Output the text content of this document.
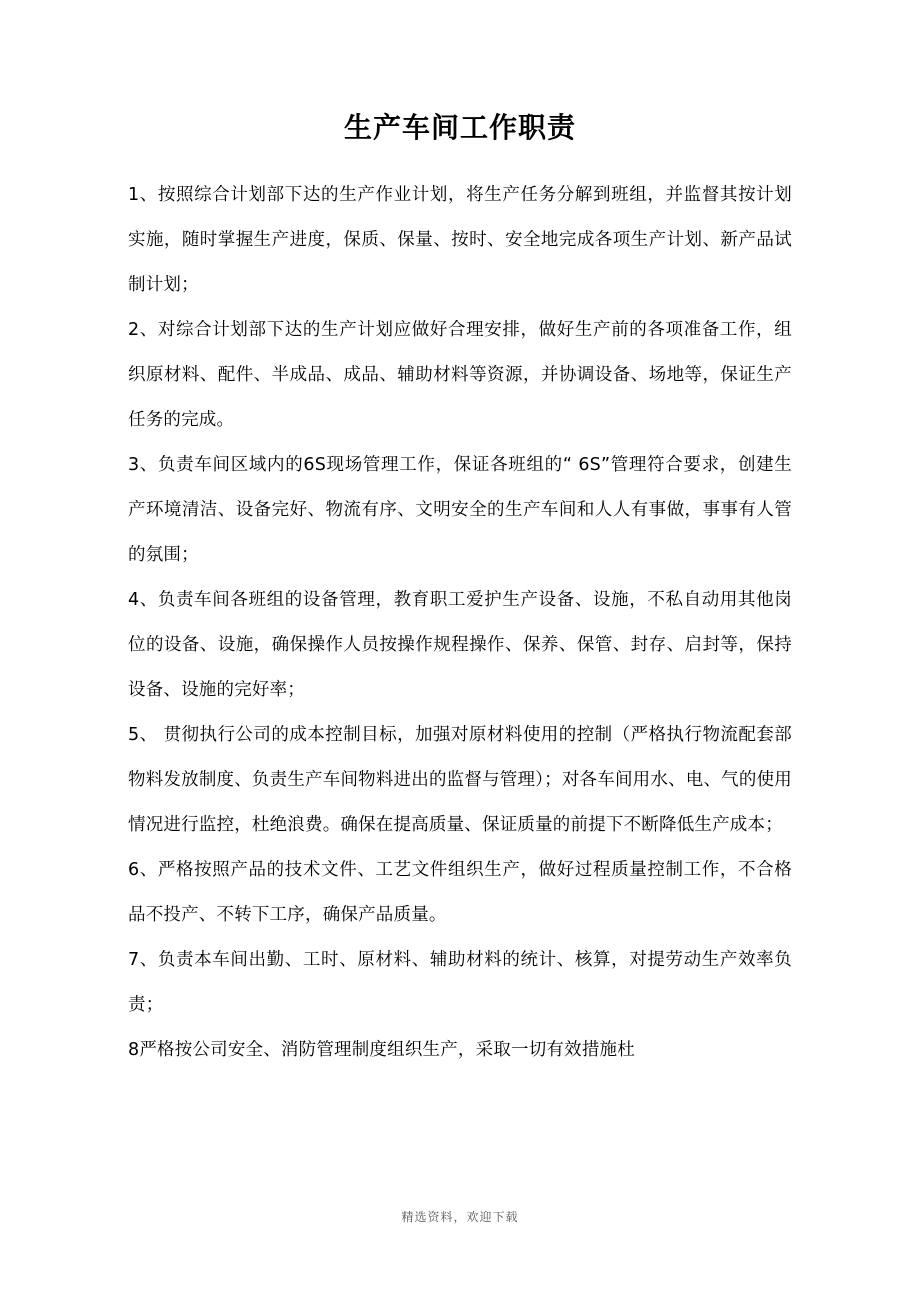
生产车间工作职责

1、按照综合计划部下达的生产作业计划，将生产任务分解到班组，并监督其按计划实施，随时掌握生产进度，保质、保量、按时、安全地完成各项生产计划、新产品试制计划；

2、对综合计划部下达的生产计划应做好合理安排，做好生产前的各项准备工作，组织原材料、配件、半成品、成品、辅助材料等资源，并协调设备、场地等，保证生产任务的完成。

3、负责车间区域内的6S现场管理工作，保证各班组的“ 6S”管理符合要求，创建生产环境清洁、设备完好、物流有序、文明安全的生产车间和人人有事做，事事有人管的氛围；

4、负责车间各班组的设备管理，教育职工爱护生产设备、设施，不私自动用其他岗位的设备、设施，确保操作人员按操作规程操作、保养、保管、封存、启封等，保持设备、设施的完好率；

5、 贯彻执行公司的成本控制目标，加强对原材料使用的控制（严格执行物流配套部物料发放制度、负责生产车间物料进出的监督与管理）；对各车间用水、电、气的使用情况进行监控，杜绝浪费。确保在提高质量、保证质量的前提下不断降低生产成本；

6、严格按照产品的技术文件、工艺文件组织生产，做好过程质量控制工作，不合格品不投产、不转下工序，确保产品质量。

7、负责本车间出勤、工时、原材料、辅助材料的统计、核算，对提劳动生产效率负责；

8严格按公司安全、消防管理制度组织生产，采取一切有效措施杜

精选资料，欢迎下载
